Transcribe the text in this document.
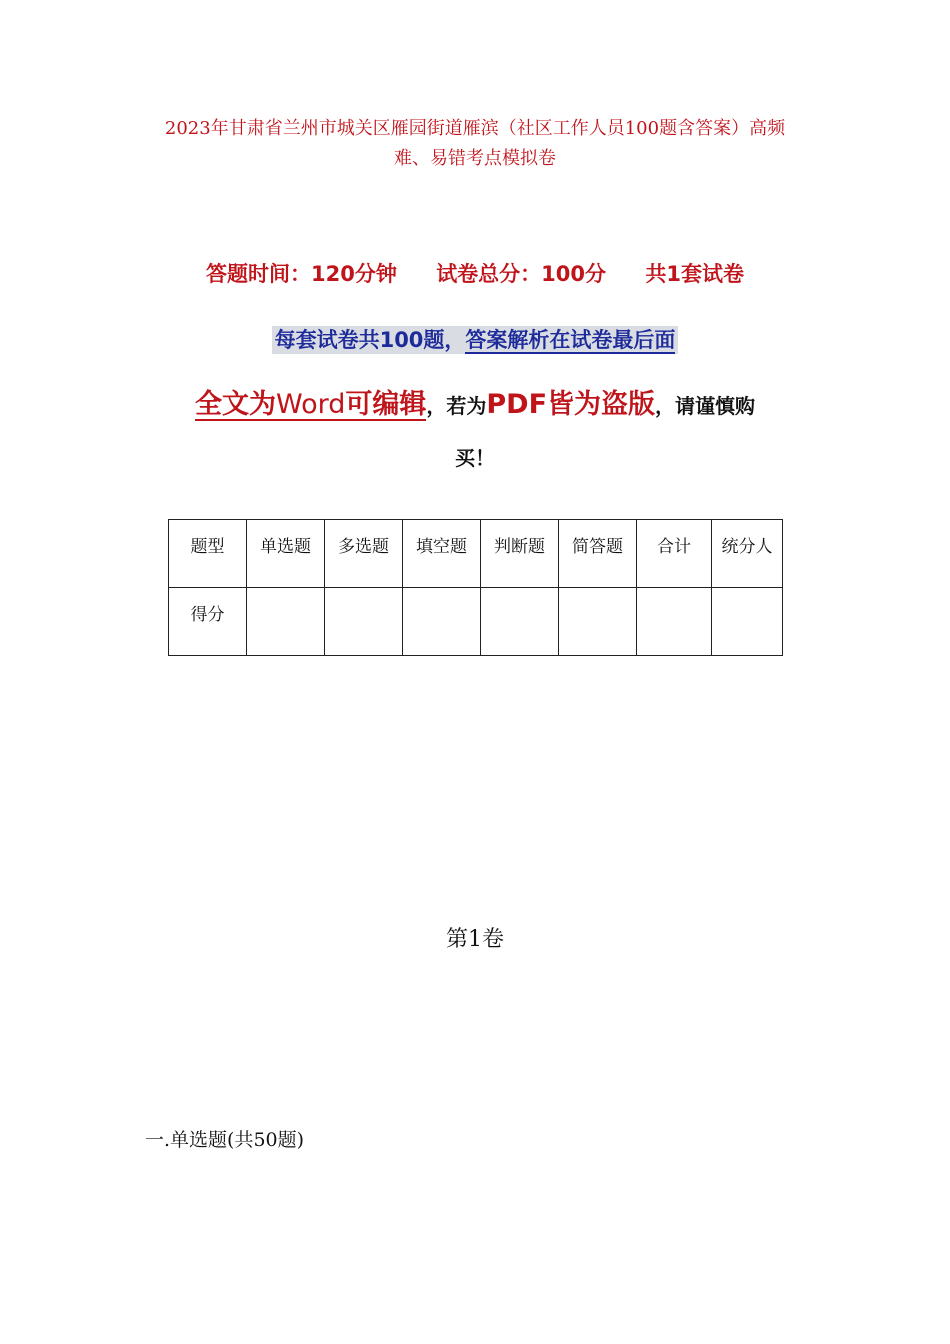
2023年甘肃省兰州市城关区雁园街道雁滨（社区工作人员100题含答案）高频
难、易错考点模拟卷
答题时间：120分钟 试卷总分：100分 共1套试卷
每套试卷共100题，答案解析在试卷最后面
全文为Word可编辑，若为PDF皆为盗版，请谨慎购
买！
题型	单选题	多选题	填空题	判断题	简答题	合计	统分人
得分							
第1卷
一.单选题(共50题)
